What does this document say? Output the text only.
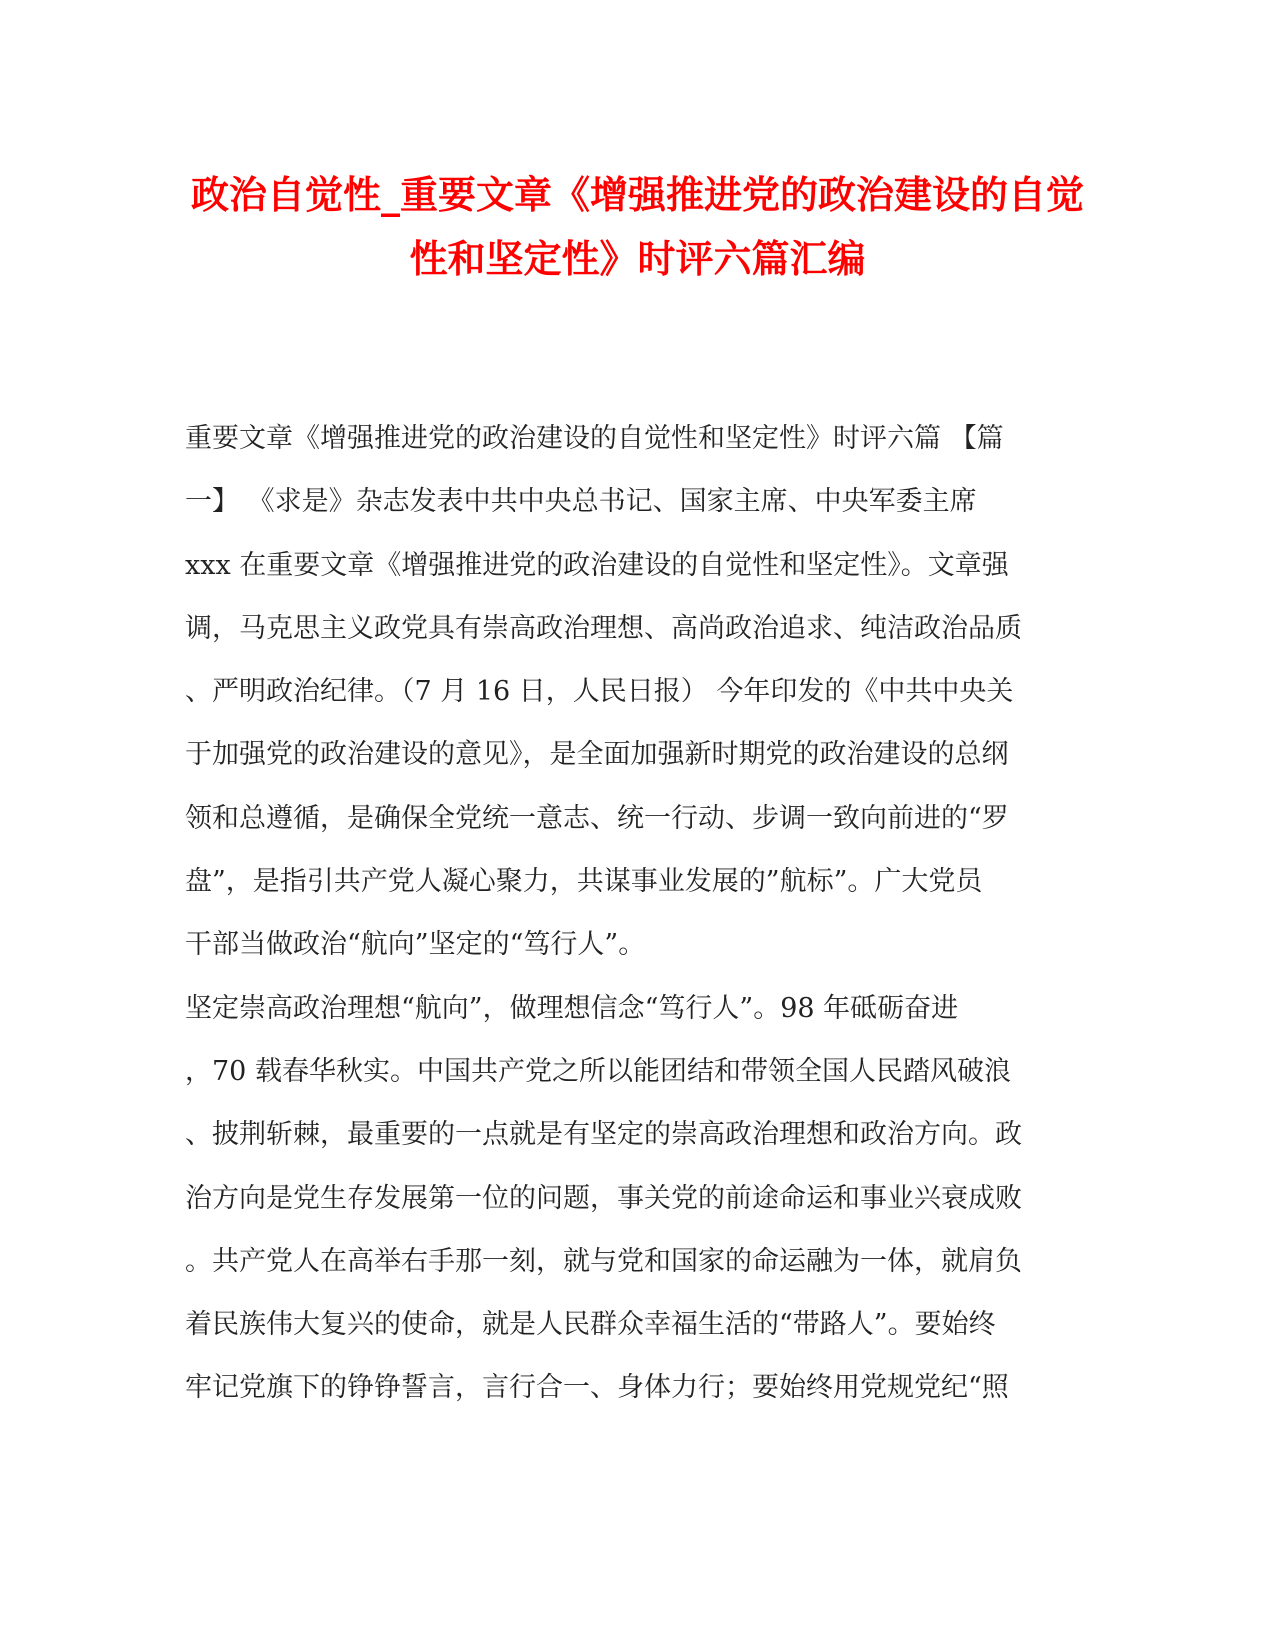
政治自觉性_重要文章《增强推进党的政治建设的自觉
性和坚定性》时评六篇汇编
重要文章《增强推进党的政治建设的自觉性和坚定性》时评六篇 【篇
一】 《求是》杂志发表中共中央总书记、国家主席、中央军委主席
xxx 在重要文章《增强推进党的政治建设的自觉性和坚定性》。文章强
调，马克思主义政党具有崇高政治理想、高尚政治追求、纯洁政治品质
、严明政治纪律。（7 月 16 日，人民日报） 今年印发的《中共中央关
于加强党的政治建设的意见》，是全面加强新时期党的政治建设的总纲
领和总遵循，是确保全党统一意志、统一行动、步调一致向前进的“罗
盘”，是指引共产党人凝心聚力，共谋事业发展的”航标”。广大党员
干部当做政治“航向”坚定的“笃行人”。
坚定崇高政治理想“航向”，做理想信念“笃行人”。98 年砥砺奋进
，70 载春华秋实。中国共产党之所以能团结和带领全国人民踏风破浪
、披荆斩棘，最重要的一点就是有坚定的崇高政治理想和政治方向。政
治方向是党生存发展第一位的问题，事关党的前途命运和事业兴衰成败
。共产党人在高举右手那一刻，就与党和国家的命运融为一体，就肩负
着民族伟大复兴的使命，就是人民群众幸福生活的“带路人”。要始终
牢记党旗下的铮铮誓言，言行合一、身体力行；要始终用党规党纪“照
